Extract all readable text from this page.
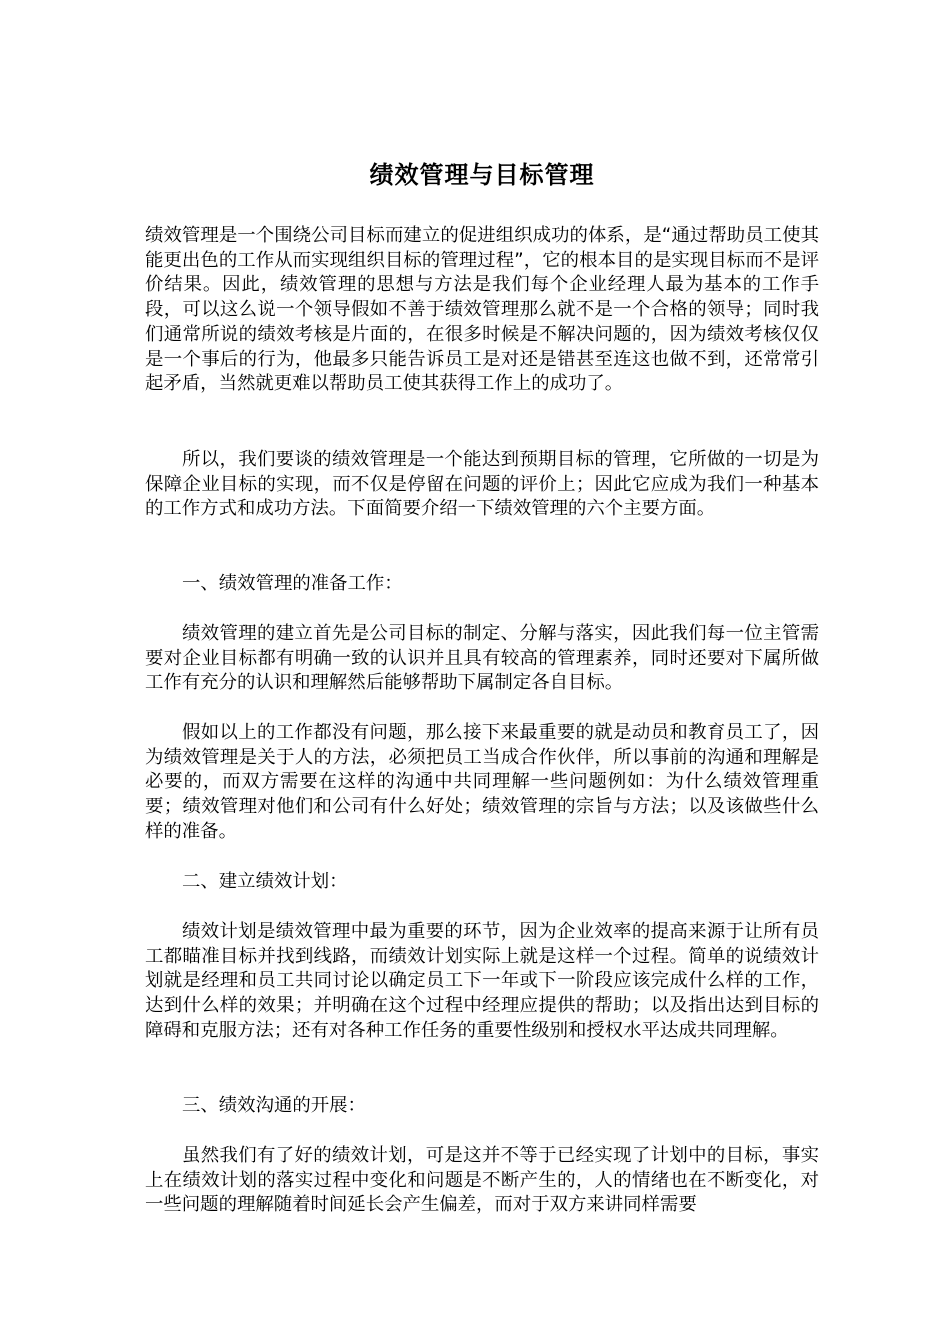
绩效管理与目标管理

绩效管理是一个围绕公司目标而建立的促进组织成功的体系，是“通过帮助员工使其能更出色的工作从而实现组织目标的管理过程”，它的根本目的是实现目标而不是评价结果。因此，绩效管理的思想与方法是我们每个企业经理人最为基本的工作手段，可以这么说一个领导假如不善于绩效管理那么就不是一个合格的领导；同时我们通常所说的绩效考核是片面的，在很多时候是不解决问题的，因为绩效考核仅仅是一个事后的行为，他最多只能告诉员工是对还是错甚至连这也做不到，还常常引起矛盾，当然就更难以帮助员工使其获得工作上的成功了。

所以，我们要谈的绩效管理是一个能达到预期目标的管理，它所做的一切是为保障企业目标的实现，而不仅是停留在问题的评价上；因此它应成为我们一种基本的工作方式和成功方法。下面简要介绍一下绩效管理的六个主要方面。

一、绩效管理的准备工作：

绩效管理的建立首先是公司目标的制定、分解与落实，因此我们每一位主管需要对企业目标都有明确一致的认识并且具有较高的管理素养，同时还要对下属所做工作有充分的认识和理解然后能够帮助下属制定各自目标。

假如以上的工作都没有问题，那么接下来最重要的就是动员和教育员工了，因为绩效管理是关于人的方法，必须把员工当成合作伙伴，所以事前的沟通和理解是必要的，而双方需要在这样的沟通中共同理解一些问题例如：为什么绩效管理重要；绩效管理对他们和公司有什么好处；绩效管理的宗旨与方法；以及该做些什么样的准备。

二、建立绩效计划：

绩效计划是绩效管理中最为重要的环节，因为企业效率的提高来源于让所有员工都瞄准目标并找到线路，而绩效计划实际上就是这样一个过程。简单的说绩效计划就是经理和员工共同讨论以确定员工下一年或下一阶段应该完成什么样的工作，达到什么样的效果；并明确在这个过程中经理应提供的帮助；以及指出达到目标的障碍和克服方法；还有对各种工作任务的重要性级别和授权水平达成共同理解。

三、绩效沟通的开展：

虽然我们有了好的绩效计划，可是这并不等于已经实现了计划中的目标，事实上在绩效计划的落实过程中变化和问题是不断产生的，人的情绪也在不断变化，对一些问题的理解随着时间延长会产生偏差，而对于双方来讲同样需要
